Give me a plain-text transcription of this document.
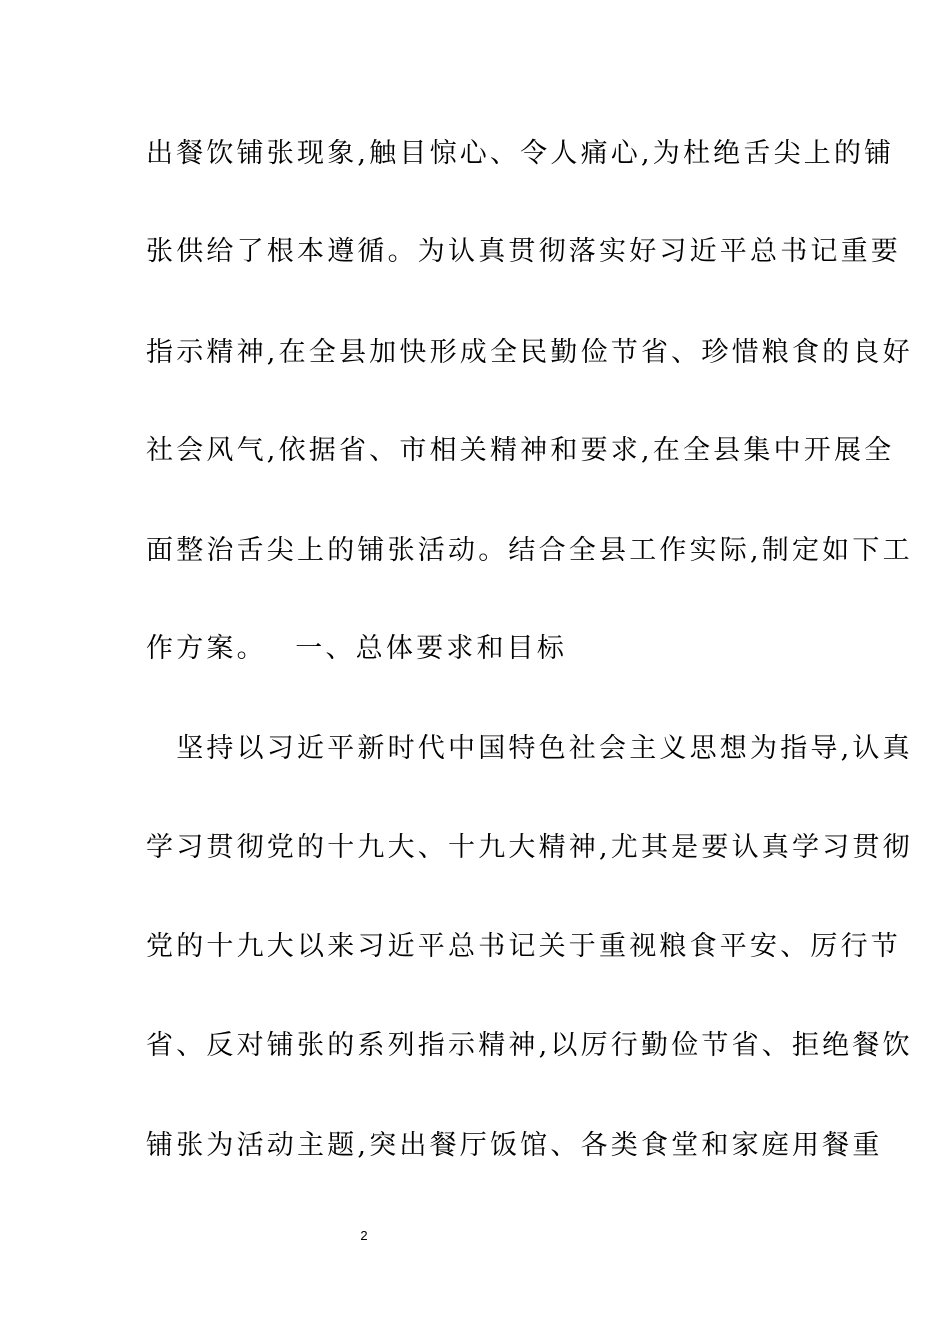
出餐饮铺张现象,触目惊心、令人痛心,为杜绝舌尖上的铺
张供给了根本遵循。为认真贯彻落实好习近平总书记重要
指示精神,在全县加快形成全民勤俭节省、珍惜粮食的良好
社会风气,依据省、市相关精神和要求,在全县集中开展全
面整治舌尖上的铺张活动。结合全县工作实际,制定如下工
作方案。　 一、总体要求和目标
　坚持以习近平新时代中国特色社会主义思想为指导,认真
学习贯彻党的十九大、十九大精神,尤其是要认真学习贯彻
党的十九大以来习近平总书记关于重视粮食平安、厉行节
省、反对铺张的系列指示精神,以厉行勤俭节省、拒绝餐饮
铺张为活动主题,突出餐厅饭馆、各类食堂和家庭用餐重
2
